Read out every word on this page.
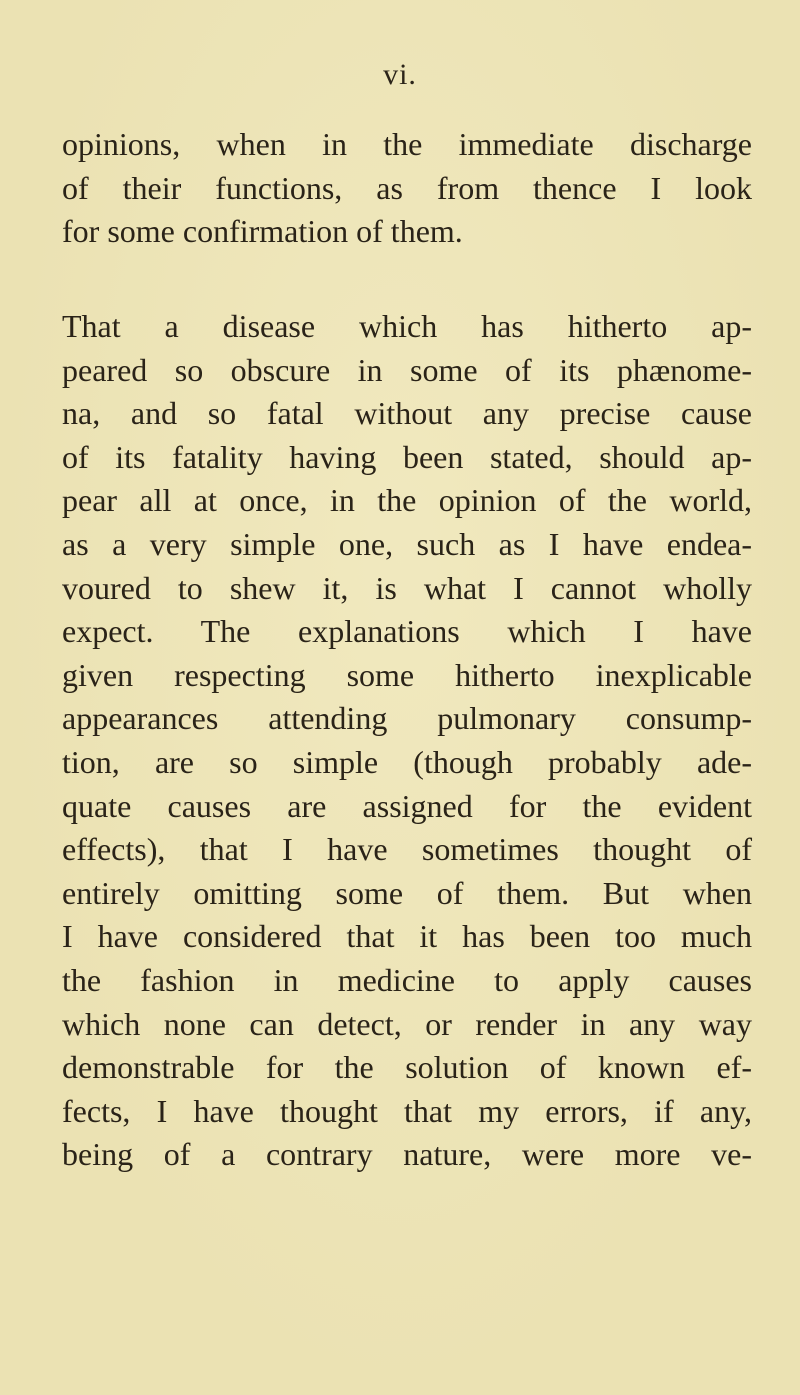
vi.
opinions, when in the immediate discharge
of their functions, as from thence I look
for some confirmation of them.
That a disease which has hitherto ap-
peared so obscure in some of its phænome-
na, and so fatal without any precise cause
of its fatality having been stated, should ap-
pear all at once, in the opinion of the world,
as a very simple one, such as I have endea-
voured to shew it, is what I cannot wholly
expect. The explanations which I have
given respecting some hitherto inexplicable
appearances attending pulmonary consump-
tion, are so simple (though probably ade-
quate causes are assigned for the evident
effects), that I have sometimes thought of
entirely omitting some of them. But when
I have considered that it has been too much
the fashion in medicine to apply causes
which none can detect, or render in any way
demonstrable for the solution of known ef-
fects, I have thought that my errors, if any,
being of a contrary nature, were more ve-
